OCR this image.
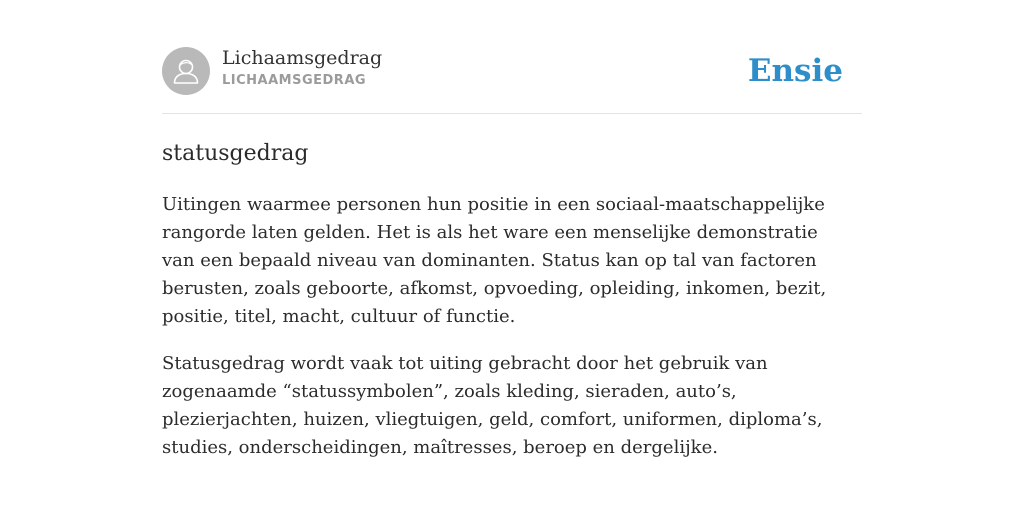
Lichaamsgedrag
LICHAAMSGEDRAG	Ensie
statusgedrag

Uitingen waarmee personen hun positie in een sociaal-maatschappelijke rangorde laten gelden. Het is als het ware een menselijke demonstratie van een bepaald niveau van dominanten. Status kan op tal van factoren berusten, zoals geboorte, afkomst, opvoeding, opleiding, inkomen, bezit, positie, titel, macht, cultuur of functie.

Statusgedrag wordt vaak tot uiting gebracht door het gebruik van zogenaamde “statussymbolen”, zoals kleding, sieraden, auto’s, plezierjachten, huizen, vliegtuigen, geld, comfort, uniformen, diploma’s, studies, onderscheidingen, maîtresses, beroep en dergelijke.
